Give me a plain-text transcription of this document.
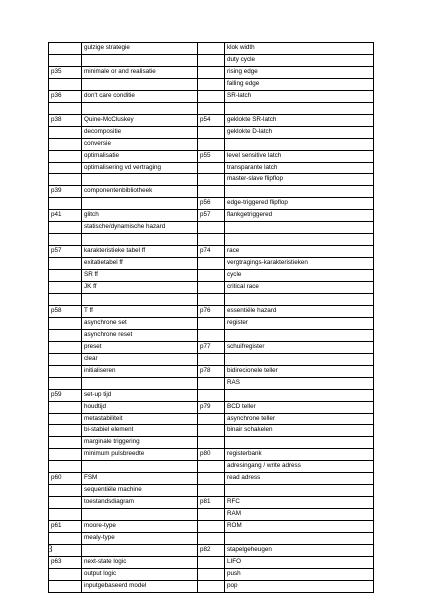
	gulzige strategie		klok width
			duty cycle
p35	minimale or and realisatie		rising edge
			falling edge
p36	don't care conditie		SR-latch

p38	Quine-McCluskey	p54	geklokte SR-latch
	decompositie		geklokte D-latch
	conversie		
	optimalisatie	p55	level sensitive latch
	optimalisering vd vertraging		transparante latch
			master-slave flipflop
p39	componentenbibliotheek		
		p56	edge-triggered flipflop
p41	glitch	p57	flankgetriggered
	statische/dynamische hazard		

p57	karakteristieke tabel ff	p74	race
	exitatietabel ff		vergtragings-karakteristieken
	SR ff		cycle
	JK ff		critical race

p58	T ff	p76	essentiële hazard
	asynchrone set		register
	asynchrone reset		
	preset	p77	schuifregister
	clear		
	initialiseren	p78	bidirecionele teller
			RAS
p59	set-up tijd		
	houdtijd	p79	BCD teller
	metastabiliteit		asynchrone teller
	bi-stabiel element		binair schakelen
	marginale triggering		
	minimum pulsbreedte	p80	registerbank
			adresingang / write adress
p60	FSM		read adress
	sequentiële machine		
	toestandsdiagram	p81	RFC
			RAM
p61	moore-type		ROM
	mealy-type		
		p82	stapelgeheugen
p63	next-state logic		LIFO
	output logic		push
	inputgebaseerd model		pop
3
